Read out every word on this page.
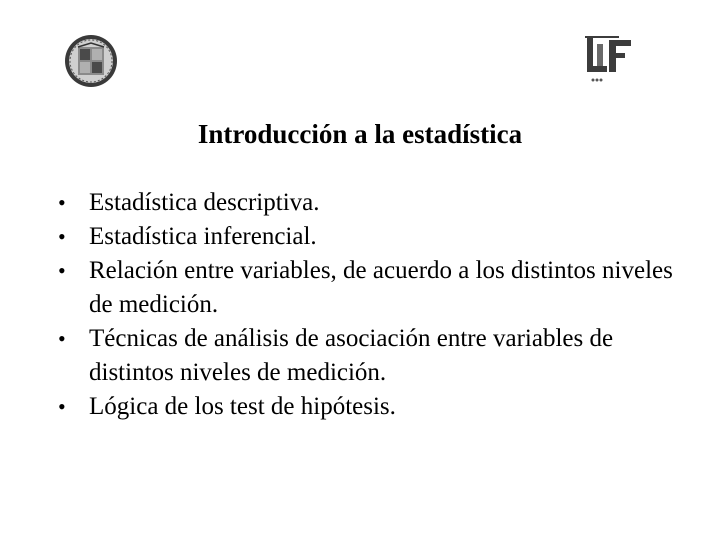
Introducción a la estadística
• Estadística descriptiva.
• Estadística inferencial.
• Relación entre variables, de acuerdo a los distintos niveles de medición.
• Técnicas de análisis de asociación entre variables de distintos niveles de medición.
• Lógica de los test de hipótesis.
